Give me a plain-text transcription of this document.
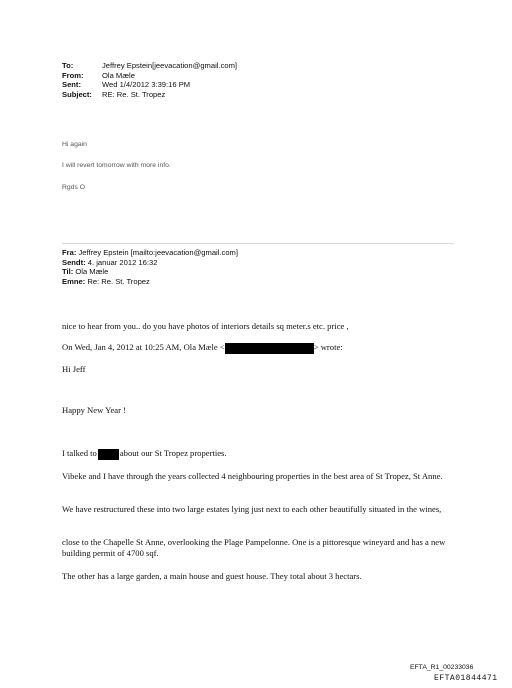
To:	Jeffrey Epstein[jeevacation@gmail.com]
From:	Ola Mæle
Sent:	Wed 1/4/2012 3:39:16 PM
Subject:	RE: Re. St. Tropez
Hi again
I will revert tomorrow with more info.
Rgds O
Fra: Jeffrey Epstein [mailto:jeevacation@gmail.com]
Sendt: 4. januar 2012 16:32
Til: Ola Mæle
Emne: Re: Re. St. Tropez
nice to hear from you.. do you have photos of interiors details sq meter.s etc. price ,
On Wed, Jan 4, 2012 at 10:25 AM, Ola Mæle <	> wrote:
Hi Jeff
Happy New Year !
I talked to	about our St Tropez properties.
Vibeke and I have through the years collected 4 neighbouring properties in the best area of St Tropez, St Anne.
We have restructured these into two large estates lying just next to each other beautifully situated in the wines,
close to the Chapelle St Anne, overlooking the Plage Pampelonne. One is a pittoresque wineyard and has a new building permit of 4700 sqf.
The other has a large garden, a main house and guest house. They total about 3 hectars.
EFTA_R1_00233036
EFTA01844471
